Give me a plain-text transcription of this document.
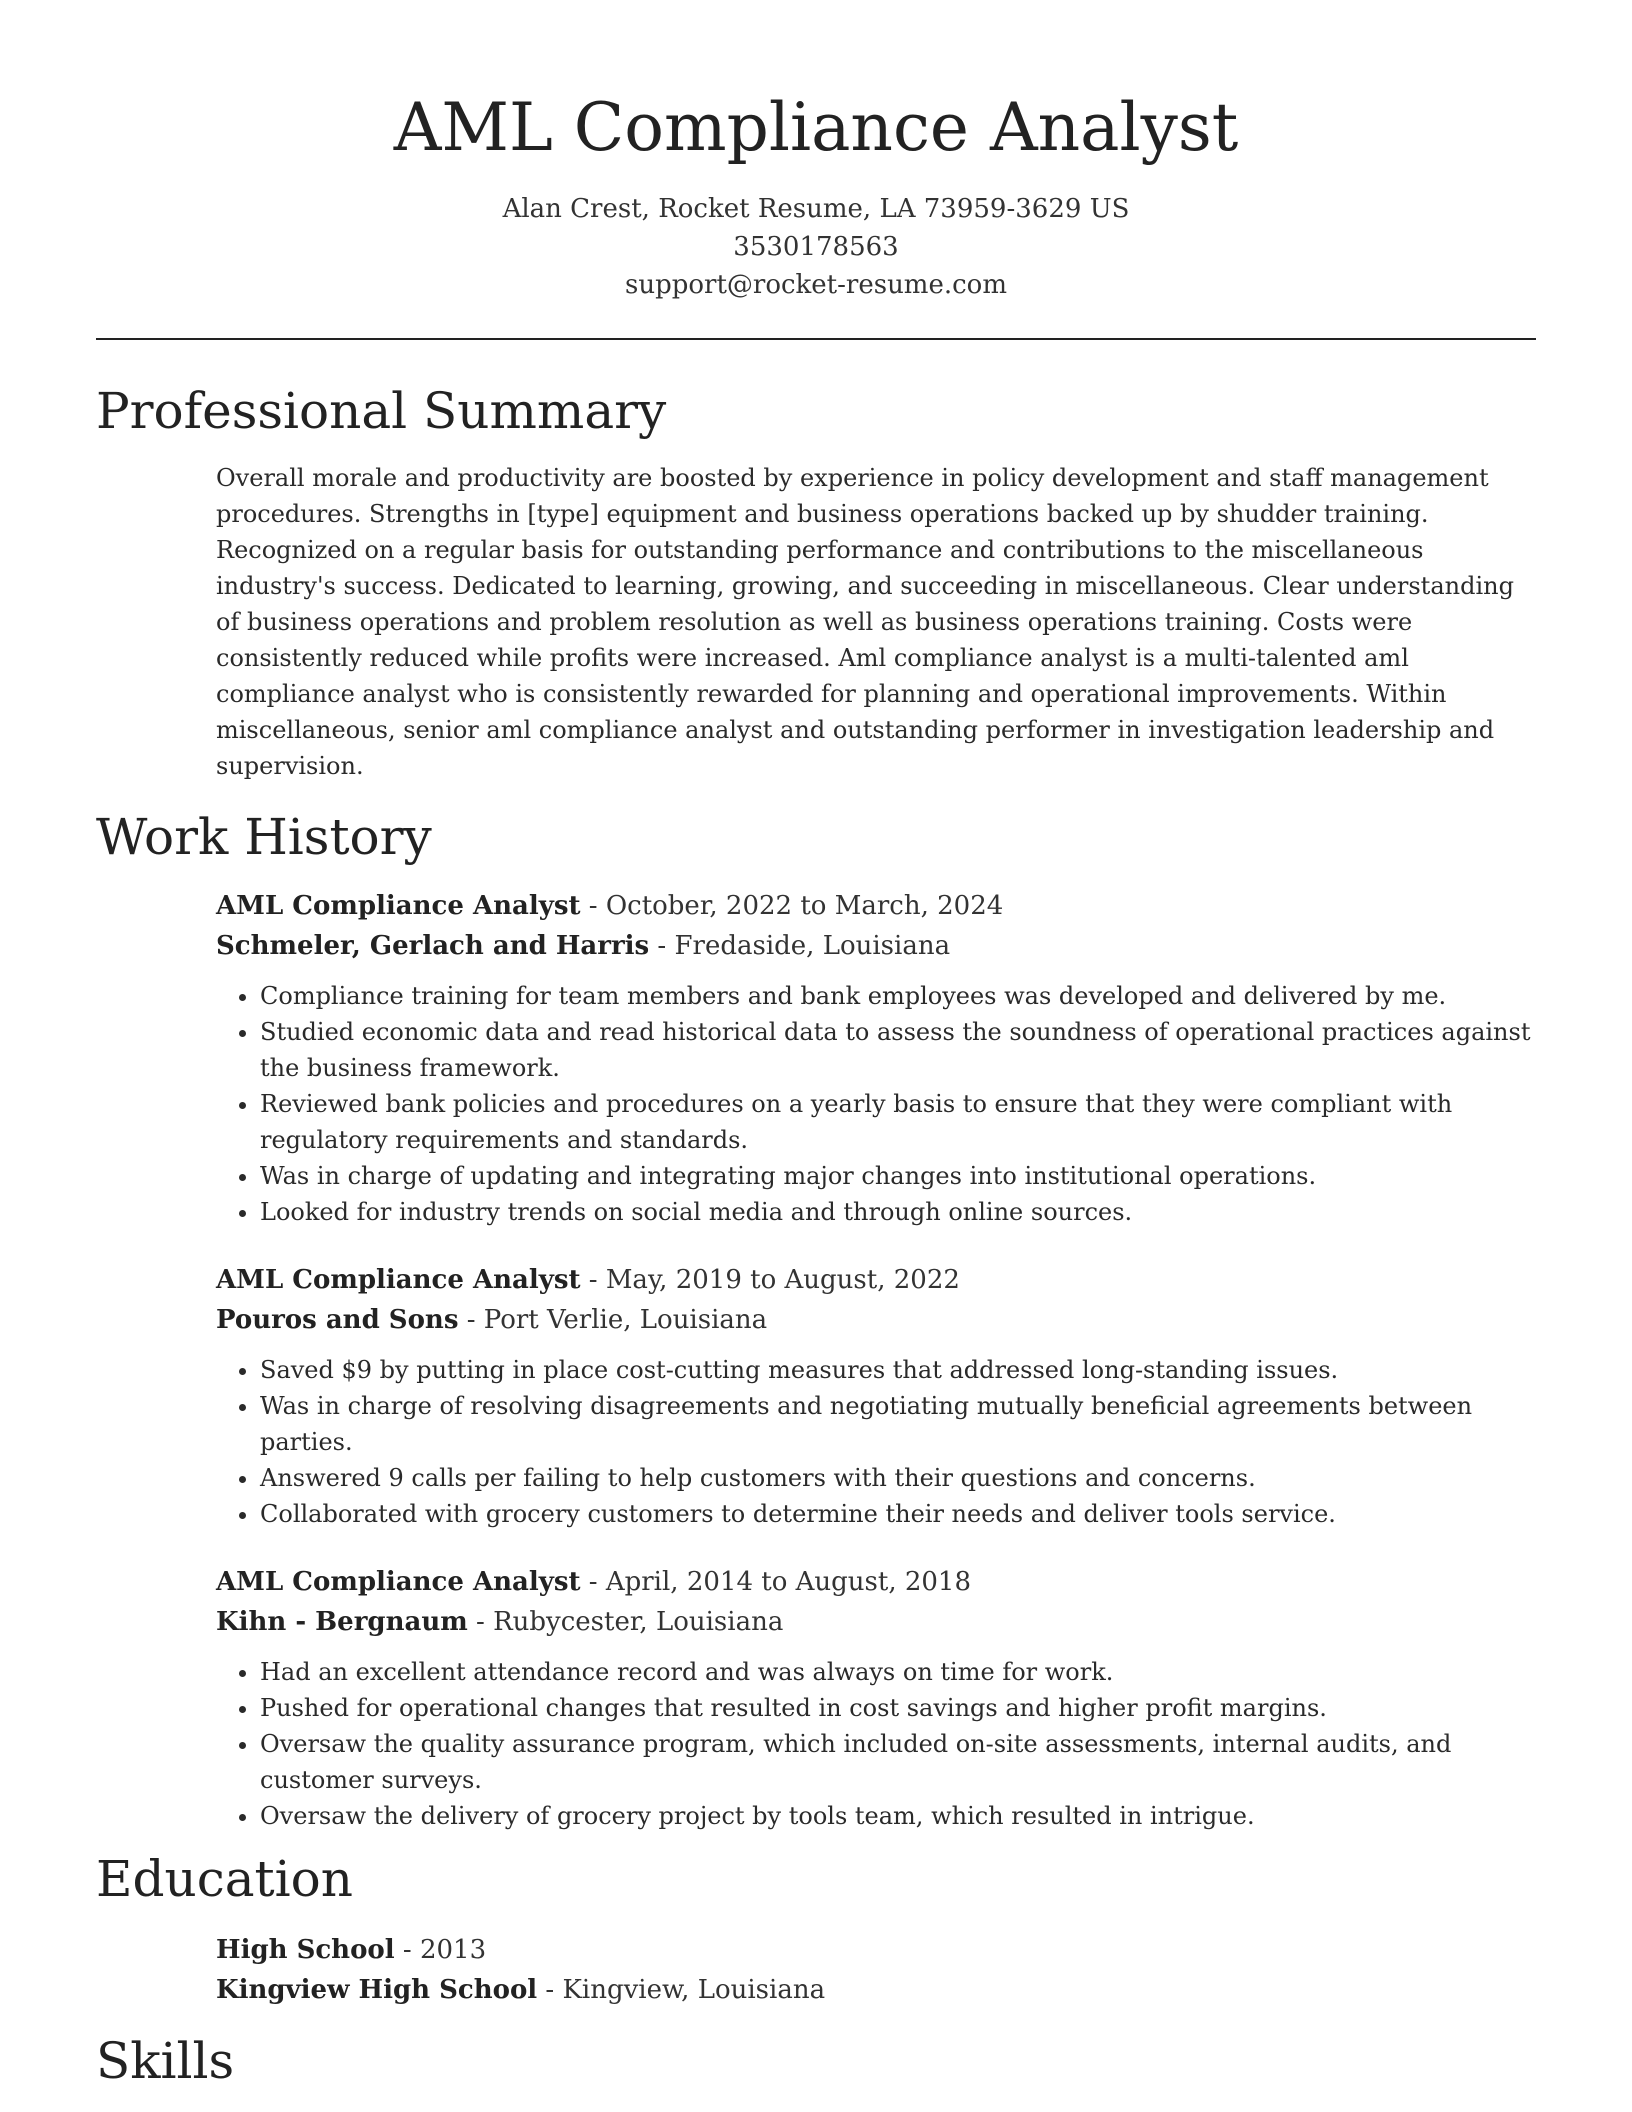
AML Compliance Analyst
Alan Crest, Rocket Resume, LA 73959-3629 US
3530178563
support@rocket-resume.com
Professional Summary

Overall morale and productivity are boosted by experience in policy development and staff management procedures. Strengths in [type] equipment and business operations backed up by shudder training. Recognized on a regular basis for outstanding performance and contributions to the miscellaneous industry's success. Dedicated to learning, growing, and succeeding in miscellaneous. Clear understanding of business operations and problem resolution as well as business operations training. Costs were consistently reduced while profits were increased. Aml compliance analyst is a multi-talented aml compliance analyst who is consistently rewarded for planning and operational improvements. Within miscellaneous, senior aml compliance analyst and outstanding performer in investigation leadership and supervision.

Work History
AML Compliance Analyst - October, 2022 to March, 2024
Schmeler, Gerlach and Harris - Fredaside, Louisiana
• Compliance training for team members and bank employees was developed and delivered by me.
• Studied economic data and read historical data to assess the soundness of operational practices against the business framework.
• Reviewed bank policies and procedures on a yearly basis to ensure that they were compliant with regulatory requirements and standards.
• Was in charge of updating and integrating major changes into institutional operations.
• Looked for industry trends on social media and through online sources.
AML Compliance Analyst - May, 2019 to August, 2022
Pouros and Sons - Port Verlie, Louisiana
• Saved $9 by putting in place cost-cutting measures that addressed long-standing issues.
• Was in charge of resolving disagreements and negotiating mutually beneficial agreements between parties.
• Answered 9 calls per failing to help customers with their questions and concerns.
• Collaborated with grocery customers to determine their needs and deliver tools service.
AML Compliance Analyst - April, 2014 to August, 2018
Kihn - Bergnaum - Rubycester, Louisiana
• Had an excellent attendance record and was always on time for work.
• Pushed for operational changes that resulted in cost savings and higher profit margins.
• Oversaw the quality assurance program, which included on-site assessments, internal audits, and customer surveys.
• Oversaw the delivery of grocery project by tools team, which resulted in intrigue.
Education
High School - 2013
Kingview High School - Kingview, Louisiana
Skills
